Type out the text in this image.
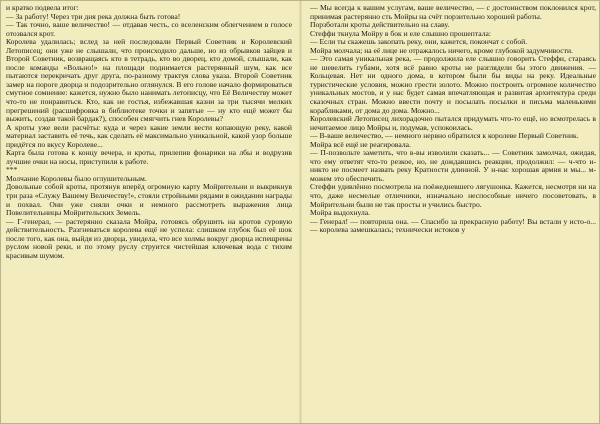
и кратко подвела итог:

— За работу! Через три дня река должна быть готова!

— Так точно, ваше величество! — отдавая честь, со вселенским облегчением в голосе отозвался крот.

Королева удалилась; вслед за ней последовали Первый Советник и Королевский Летописец; они уже не слышали, что происходило дальше, но из обрывков зайцев и Второй Советник, возвращаясь кто в тетрадь, кто во дворец, кто домой, слышали, как после команды «Вольно!» на площади поднимается растерянный шум, как все пытаются перекричать друг друга, по-разному трактуя слова указа. Второй Советник замер на пороге дворца и подозрительно оглянулся. В его голове начало формироваться смутное сомнение: кажется, нужно было нанимать летописцу, что Её Величеству может что-то не понравиться. Кто, как не гостья, избежавшая казни за три тысячи мелких прегрешений (расшифровка в библиотеке точки и запятые — ну кто ещё может бы выжить, создав такой бардак?), способен смягчить гнев Королевы?

А кроты уже вели расчёты: куда и через какие земли вести копающую реку, какой материал заставить её течь, как сделать её максимально уникальной, какой узор больше придётся по вкусу Королеве...

Карта была готова к концу вечера, и кроты, прилепив фонарики на лбы и водрузив лучшие очки на носы, приступили к работе.

***

Молчание Королевы было оглушительным.

Довольные собой кроты, протянув вперёд огромную карту Мойрительни и выкрикнув три раза «Служу Вашему Величеству!», стояли стройными рядами в ожидании награды и похвал. Они уже сняли очки и немного рассмотреть выражения лица Повелительницы Мойрительских Земель.

— Г-генерал, — растерянно сказала Мойра, готовясь обрушить на кротов суровую действительность. Разгневаться королева ещё не успела: слишком глубок был её шок после того, как она, выйдя из дворца, увидела, что все холмы вокруг дворца испещрены руслом новой реки, и по этому руслу струится чистейшая ключевая вода с тихим красивым шумом.

— Мы всегда к вашим услугам, ваше величество, — с достоинством поклонился крот, принимая растерянно сть Мойры на счёт порзительно хорошей работы.

Порзботали кроты действительно на славу.

Стеффи ткнула Мойру в бок и еле слышно прошептала:

— Если ты скажешь закопать реку, они, кажется, покончат с собой.

Мойра молчала; на её лице не отражалось ничего, кроме глубокой задумчивости.

— Это самая уникальная река, — продолжила еле слышно говорить Стеффи, стараясь не шевелить губами, хотя всё равно кроты не разглядели бы этого движения. — Кольцевая. Нет ни одного дома, в котором были бы виды на реку. Идеальные туристические условия, можно грести золото. Можно построить огромное количество уникальных мостов, и у нас будет самая впечатляющая и развитая архитектура среди сказочных стран. Можно ввести почту и посылать посылки и письма маленькими корабликами, от дома до дома. Можно...

Королевский Летописец лихорадочно пытался придумать что-то ещё, но всмотрелась в нечитаемое лицо Мойры и, подумав, успокоилась.

— В-ваше величество, — немного нервно обратился к королеве Первый Советник.

Мойра всё ещё не реагировала.

— П-позвольте заметить, что в-вы изволили сказать... — Советник замолчал, ожидая, что ему ответят что-то резкое, но, не дождавшись реакции, продолжил: — ч-что н-никто не посмеет назвать реку Кратности длинной. У н-нас хорошая армия и мы... м-можем это обеспечить.

Стеффи удивлённо посмотрела на поёжедневшего лягушонка. Кажется, несмотря ни на что, даже несмелые отличники, изначально неспособные ничего посоветовать, в Мойрительни были не так просты и учились быстро.

Мойра выдохнула.

— Генерал! — повторила она. — Спасибо за прекрасную работу! Вы встали у исто-о... — королева замешкалась; технически истоков у
